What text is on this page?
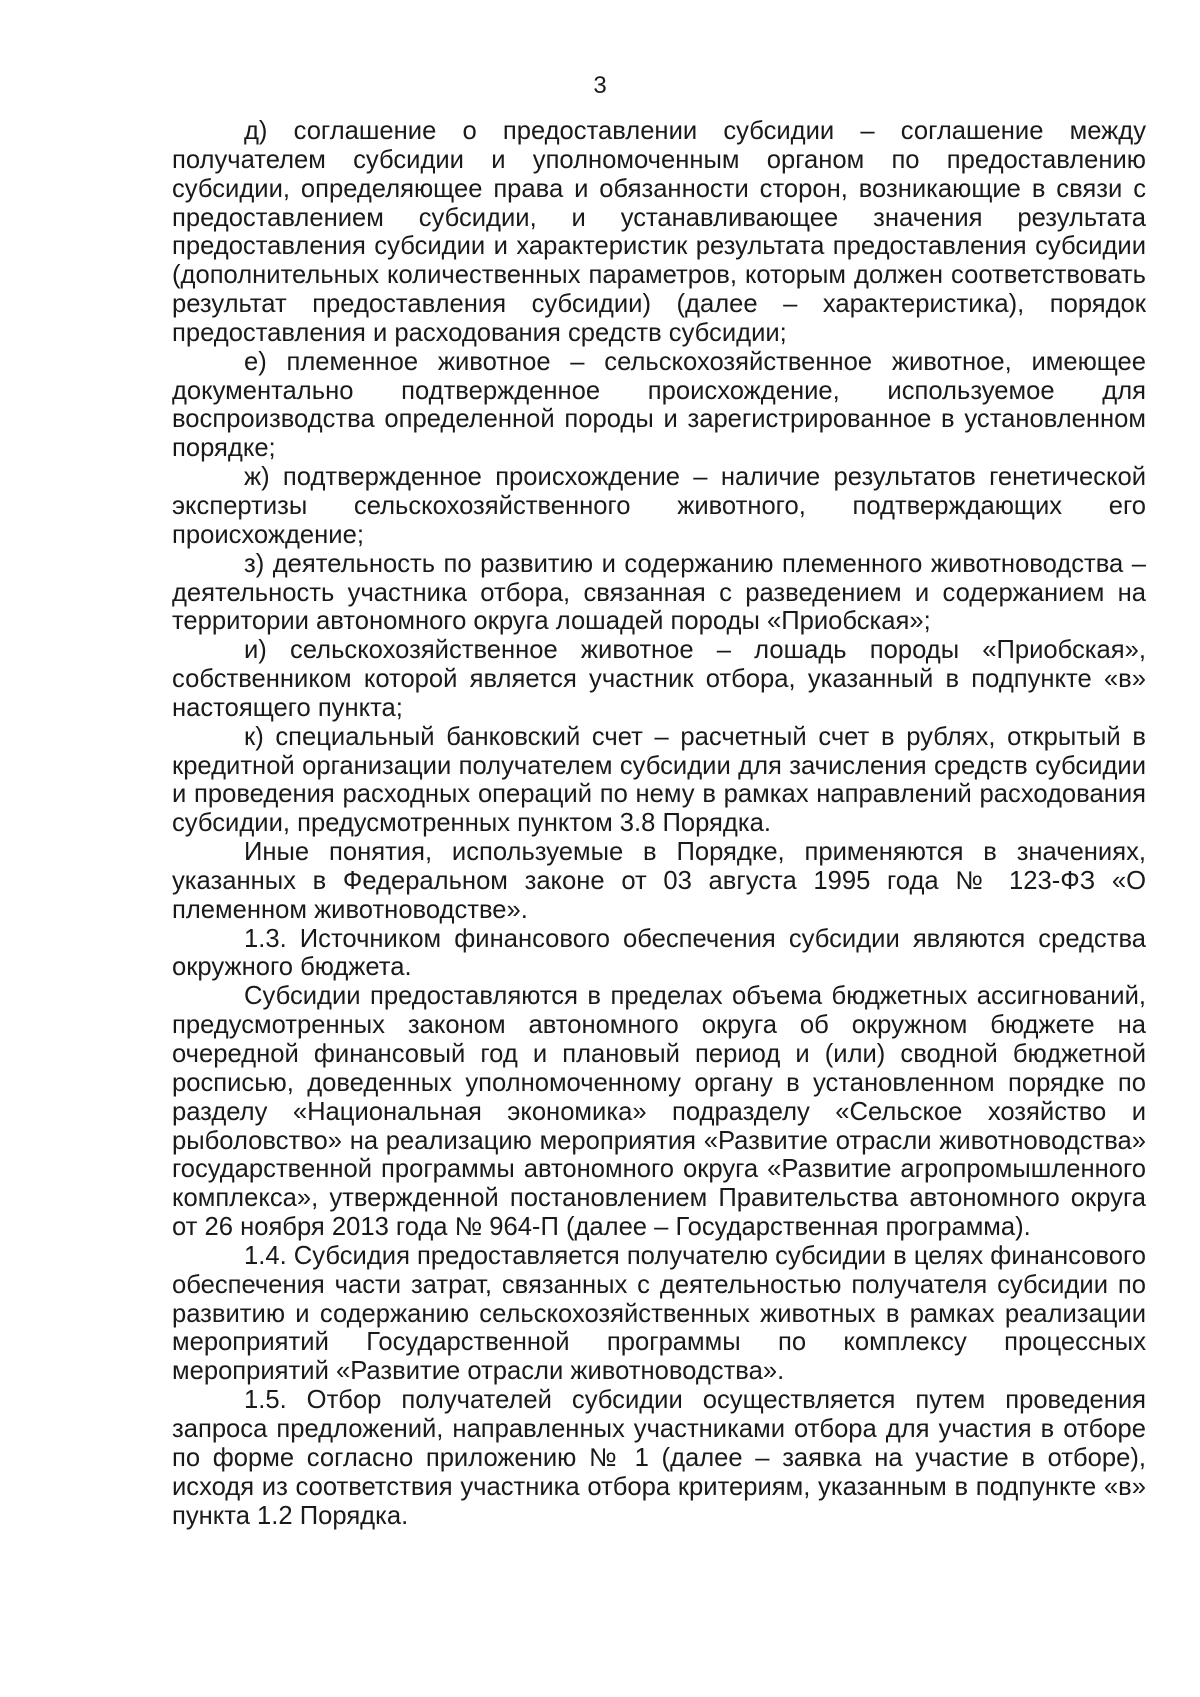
3

д) соглашение о предоставлении субсидии – соглашение между получателем субсидии и уполномоченным органом по предоставлению субсидии, определяющее права и обязанности сторон, возникающие в связи с предоставлением субсидии, и устанавливающее значения результата предоставления субсидии и характеристик результата предоставления субсидии (дополнительных количественных параметров, которым должен соответствовать результат предоставления субсидии) (далее – характеристика), порядок предоставления и расходования средств субсидии;

е) племенное животное – сельскохозяйственное животное, имеющее документально подтвержденное происхождение, используемое для воспроизводства определенной породы и зарегистрированное в установленном порядке;

ж) подтвержденное происхождение – наличие результатов генетической экспертизы сельскохозяйственного животного, подтверждающих его происхождение;

з) деятельность по развитию и содержанию племенного животноводства – деятельность участника отбора, связанная с разведением и содержанием на территории автономного округа лошадей породы «Приобская»;

и) сельскохозяйственное животное – лошадь породы «Приобская», собственником которой является участник отбора, указанный в подпункте «в» настоящего пункта;

к) специальный банковский счет – расчетный счет в рублях, открытый в кредитной организации получателем субсидии для зачисления средств субсидии и проведения расходных операций по нему в рамках направлений расходования субсидии, предусмотренных пунктом 3.8 Порядка.

Иные понятия, используемые в Порядке, применяются в значениях, указанных в Федеральном законе от 03 августа 1995 года № 123-ФЗ «О племенном животноводстве».

1.3. Источником финансового обеспечения субсидии являются средства окружного бюджета.

Субсидии предоставляются в пределах объема бюджетных ассигнований, предусмотренных законом автономного округа об окружном бюджете на очередной финансовый год и плановый период и (или) сводной бюджетной росписью, доведенных уполномоченному органу в установленном порядке по разделу «Национальная экономика» подразделу «Сельское хозяйство и рыболовство» на реализацию мероприятия «Развитие отрасли животноводства» государственной программы автономного округа «Развитие агропромышленного комплекса», утвержденной постановлением Правительства автономного округа от 26 ноября 2013 года № 964-П (далее – Государственная программа).

1.4. Субсидия предоставляется получателю субсидии в целях финансового обеспечения части затрат, связанных с деятельностью получателя субсидии по развитию и содержанию сельскохозяйственных животных в рамках реализации мероприятий Государственной программы по комплексу процессных мероприятий «Развитие отрасли животноводства».

1.5. Отбор получателей субсидии осуществляется путем проведения запроса предложений, направленных участниками отбора для участия в отборе по форме согласно приложению № 1 (далее – заявка на участие в отборе), исходя из соответствия участника отбора критериям, указанным в подпункте «в» пункта 1.2 Порядка.
